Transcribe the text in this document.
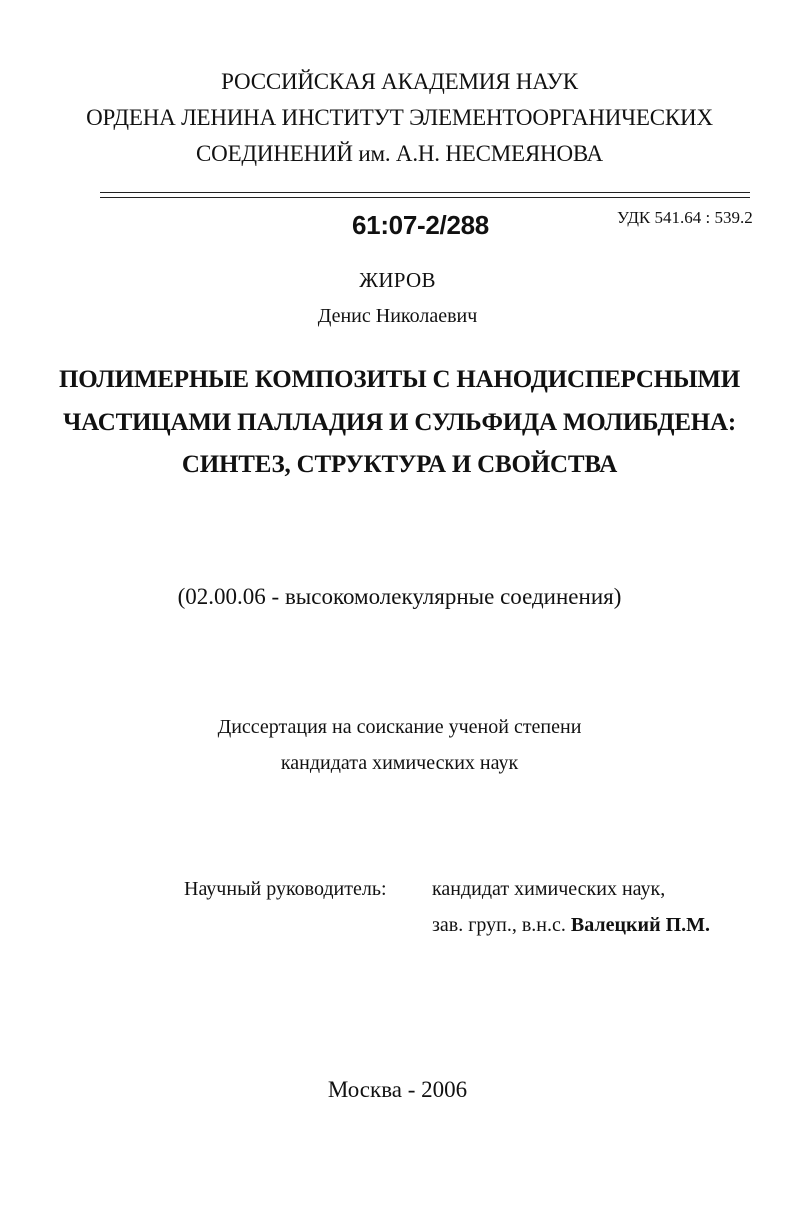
РОССИЙСКАЯ АКАДЕМИЯ НАУК
ОРДЕНА ЛЕНИНА ИНСТИТУТ ЭЛЕМЕНТООРГАНИЧЕСКИХ
СОЕДИНЕНИЙ им. А.Н. НЕСМЕЯНОВА
61:07-2/288	УДК 541.64 : 539.2
ЖИРОВ
Денис Николаевич
ПОЛИМЕРНЫЕ КОМПОЗИТЫ С НАНОДИСПЕРСНЫМИ
ЧАСТИЦАМИ ПАЛЛАДИЯ И СУЛЬФИДА МОЛИБДЕНА:
СИНТЕЗ, СТРУКТУРА И СВОЙСТВА
(02.00.06 - высокомолекулярные соединения)
Диссертация на соискание ученой степени
кандидата химических наук
Научный руководитель: кандидат химических наук,
зав. груп., в.н.с. Валецкий П.М.
Москва - 2006
